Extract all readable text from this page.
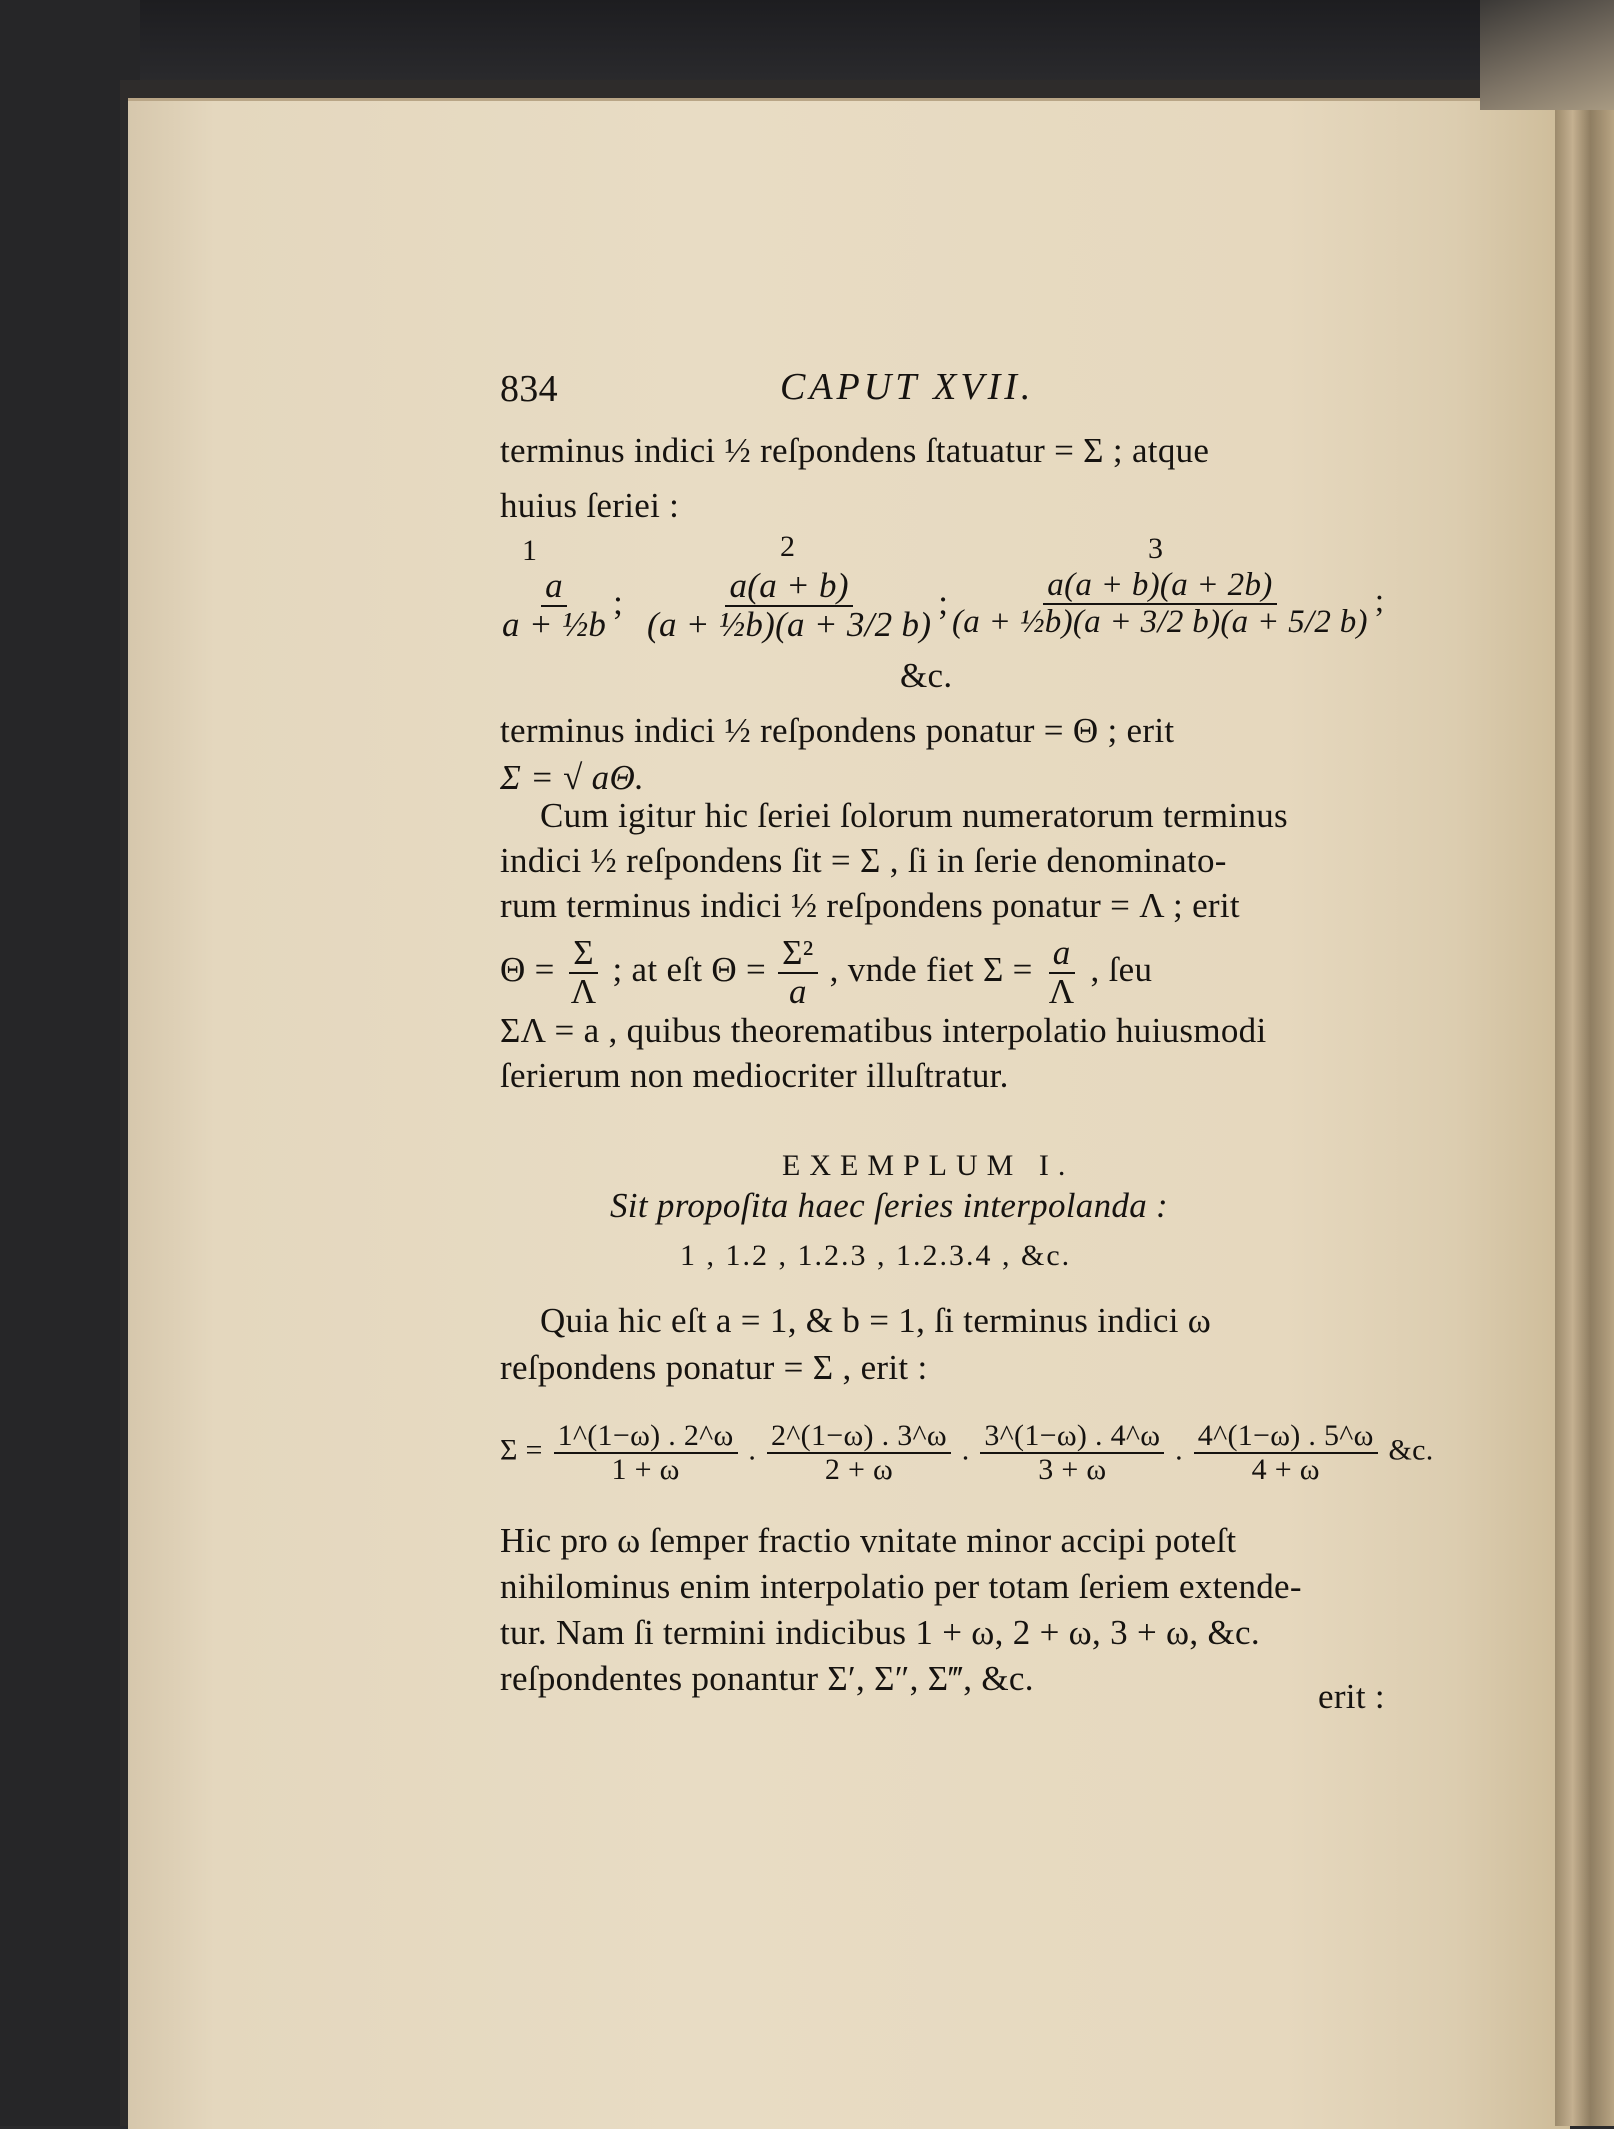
834	CAPUT XVII.
terminus indici ½ reſpondens ſtatuatur = Σ ; atque
huius ſeriei :
1	2	3
$\frac{a}{\text{a + ½b}}$ ; $\frac{a(a + b)}{\text{(a + ½b)(a + 3/2 b)}}$ ; $\frac{a(a + b)(a + 2b)}{\text{(a + ½b)(a + 3/2 b)(a + 5/2 b)}}$ ;
&c.
terminus indici ½ reſpondens ponatur = Θ ; erit
Σ = √ aΘ.
Cum igitur hic ſeriei ſolorum numeratorum terminus
indici ½ reſpondens ſit = Σ , ſi in ſerie denominato-
rum terminus indici ½ reſpondens ponatur = Λ ; erit
$\Theta = \frac{\Sigma}{\Lambda}$ ; at eſt $\Theta = \frac{\text{Σ²}}{a}$ , vnde fiet $\Sigma = \frac{a}{\Lambda}$ , ſeu
ΣΛ = a , quibus theorematibus interpolatio huiusmodi
ſerierum non mediocriter illuſtratur.
EXEMPLUM I.
Sit propoſita haec ſeries interpolanda :
1 , 1.2 , 1.2.3 , 1.2.3.4 , &c.
Quia hic eſt a = 1, & b = 1, ſi terminus indici ω
reſpondens ponatur = Σ , erit :
$\Sigma = \frac{1\^{}(1-\omega) . 2\^{}\omega}{1 + \omega}$ . $\frac{2\^{}(1-\omega) . 3\^{}\omega}{2 + \omega}$ . $\frac{3\^{}(1-\omega) . 4\^{}\omega}{3 + \omega}$ . $\frac{4\^{}(1-\omega) . 5\^{}\omega}{4 + \omega}$ &c.
Hic pro ω ſemper fractio vnitate minor accipi poteſt
nihilominus enim interpolatio per totam ſeriem extende-
tur. Nam ſi termini indicibus 1 + ω, 2 + ω, 3 + ω, &c.
reſpondentes ponantur Σ′, Σ″, Σ‴, &c.	erit :
